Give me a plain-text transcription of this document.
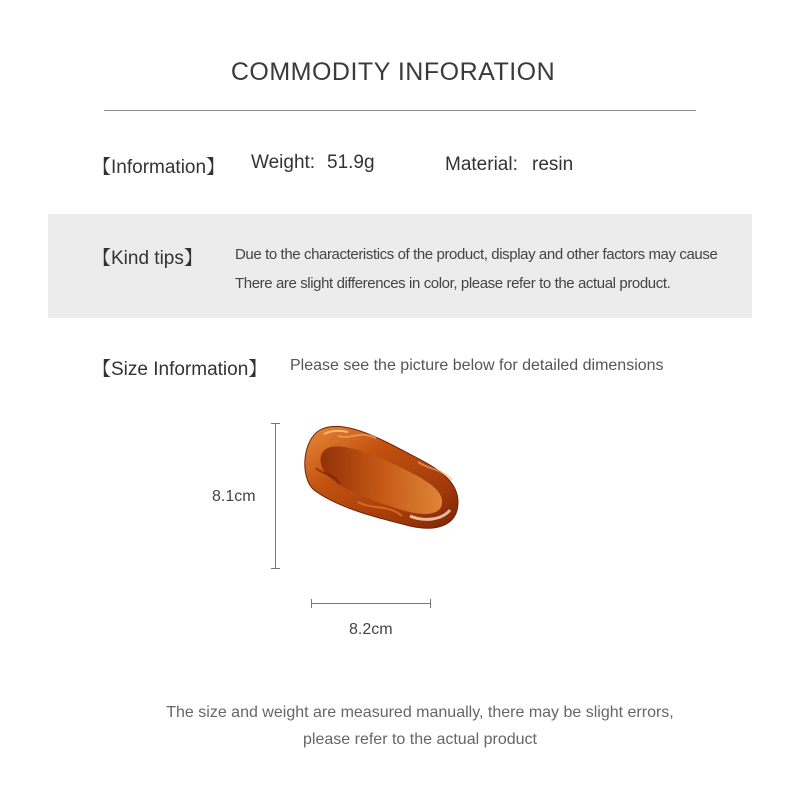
COMMODITY INFORATION
【Information】 Weight: 51.9g	Material: resin
【Kind tips】 Due to the characteristics of the product, display and other factors may cause
There are slight differences in color, please refer to the actual product.
【Size Information】 Please see the picture below for detailed dimensions
8.1cm
8.2cm
The size and weight are measured manually, there may be slight errors,
please refer to the actual product
